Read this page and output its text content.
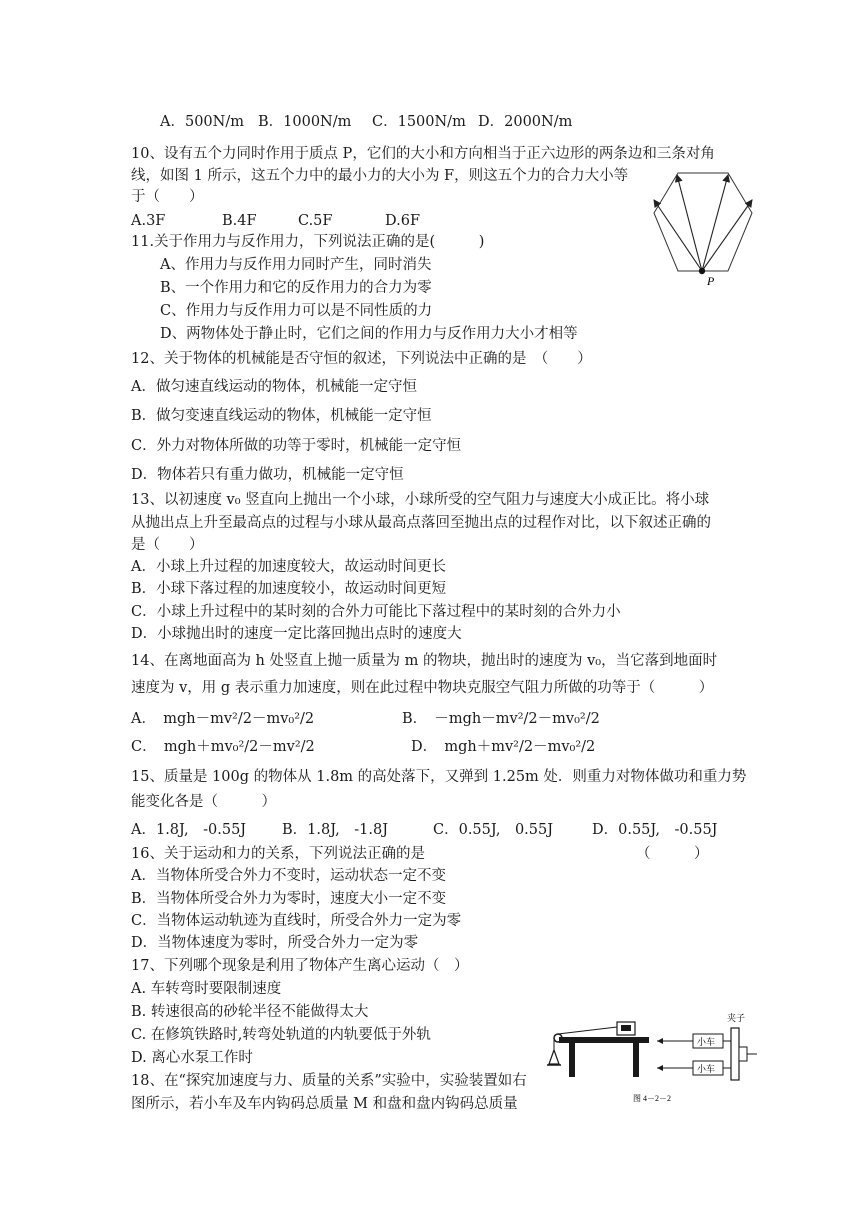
A．500N/m B．1000N/m C．1500N/m D．2000N/m
10、设有五个力同时作用于质点 P，它们的大小和方向相当于正六边形的两条边和三条对角
线，如图 1 所示，这五个力中的最小力的大小为 F，则这五个力的合力大小等
于（　　）
A.3F	B.4F	C.5F	D.6F
P
11.关于作用力与反作用力，下列说法正确的是(　　　)
A、作用力与反作用力同时产生，同时消失
B、一个作用力和它的反作用力的合力为零
C、作用力与反作用力可以是不同性质的力
D、两物体处于静止时，它们之间的作用力与反作用力大小才相等
12、关于物体的机械能是否守恒的叙述，下列说法中正确的是　（　　）
A．做匀速直线运动的物体，机械能一定守恒
B．做匀变速直线运动的物体，机械能一定守恒
C．外力对物体所做的功等于零时，机械能一定守恒
D．物体若只有重力做功，机械能一定守恒
13、以初速度 v₀ 竖直向上抛出一个小球，小球所受的空气阻力与速度大小成正比。将小球
从抛出点上升至最高点的过程与小球从最高点落回至抛出点的过程作对比，以下叙述正确的
是（　　）
A．小球上升过程的加速度较大，故运动时间更长
B．小球下落过程的加速度较小，故运动时间更短
C．小球上升过程中的某时刻的合外力可能比下落过程中的某时刻的合外力小
D．小球抛出时的速度一定比落回抛出点时的速度大
14、在离地面高为 h 处竖直上抛一质量为 m 的物块，抛出时的速度为 v₀，当它落到地面时
速度为 v，用 g 表示重力加速度，则在此过程中物块克服空气阻力所做的功等于（　　　）
A．　mgh－mv²/2－mv₀²/2	B．　－mgh－mv²/2－mv₀²/2
C．　mgh＋mv₀²/2－mv²/2	D．　mgh＋mv²/2－mv₀²/2
15、质量是 100g 的物体从 1.8m 的高处落下，又弹到 1.25m 处．则重力对物体做功和重力势
能变化各是（　　　）
A．1.8J,　-0.55J B．1.8J,　-1.8J	C．0.55J,　0.55J	D．0.55J,　-0.55J
16、关于运动和力的关系，下列说法正确的是	（　　　）
A．当物体所受合外力不变时，运动状态一定不变
B．当物体所受合外力为零时，速度大小一定不变
C．当物体运动轨迹为直线时，所受合外力一定为零
D．当物体速度为零时，所受合外力一定为零
17、下列哪个现象是利用了物体产生离心运动（　）
A. 车转弯时要限制速度
B. 转速很高的砂轮半径不能做得太大
C. 在修筑铁路时,转弯处轨道的内轨要低于外轨
D. 离心水泵工作时
18、在“探究加速度与力、质量的关系”实验中，实验装置如右
图所示，若小车及车内钩码总质量 M 和盘和盘内钩码总质量
夹子
小车
小车
图 4－2－2
